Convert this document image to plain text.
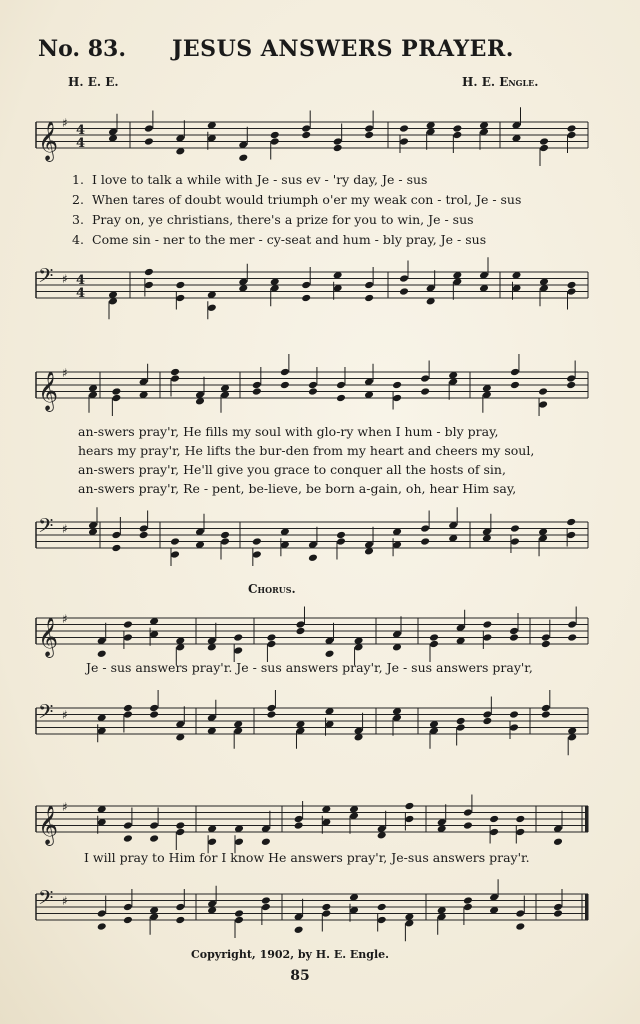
No. 83. JESUS ANSWERS PRAYER.
H. E. E.	H. E. Engle.
𝄞 ♯ 4
4
1. I love to talk a while with Je - sus ev - 'ry day, Je - sus
2. When tares of doubt would triumph o'er my weak con - trol, Je - sus
3. Pray on, ye christians, there's a prize for you to win, Je - sus
4. Come sin - ner to the mer - cy-seat and hum - bly pray, Je - sus
𝄢 ♯ 4
4
𝄞 ♯
an-swers pray'r, He fills my soul with glo-ry when I hum - bly pray,
hears my pray'r, He lifts the bur-den from my heart and cheers my soul,
an-swers pray'r, He'll give you grace to conquer all the hosts of sin,
an-swers pray'r, Re - pent, be-lieve, be born a-gain, oh, hear Him say,
𝄢 ♯
Chorus.
𝄞 ♯
Je - sus answers pray'r. Je - sus answers pray'r, Je - sus answers pray'r,
𝄢 ♯
𝄞 ♯
I will pray to Him for I know He answers pray'r, Je-sus answers pray'r.
𝄢 ♯
Copyright, 1902, by H. E. Engle.
85
